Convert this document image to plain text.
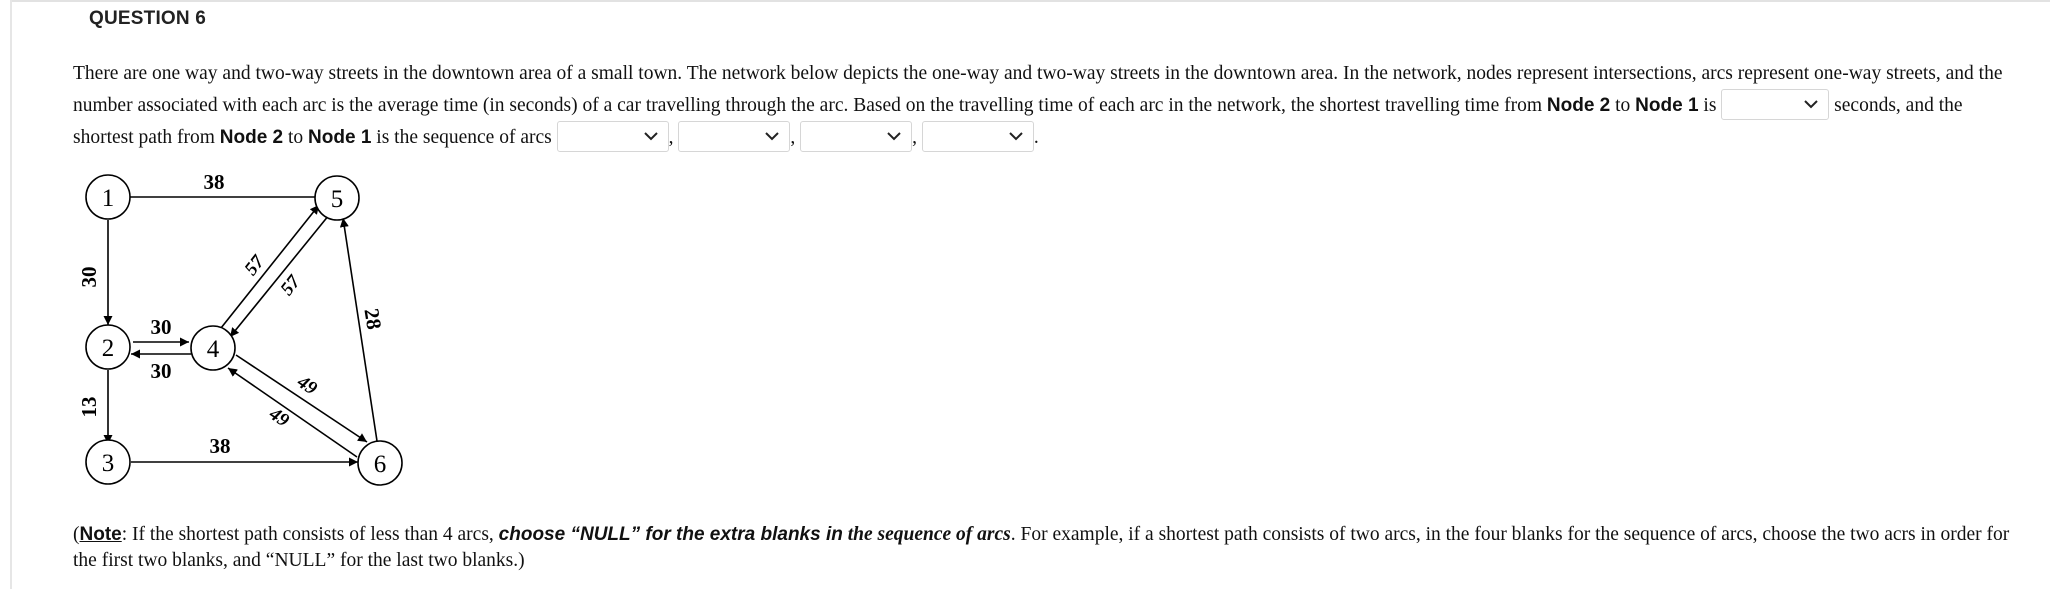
QUESTION 6

There are one way and two-way streets in the downtown area of a small town. The network below depicts the one-way and two-way streets in the downtown area. In the network, nodes represent intersections, arcs represent one-way streets, and the number associated with each arc is the average time (in seconds) of a car travelling through the arc. Based on the travelling time of each arc in the network, the shortest travelling time from Node 2 to Node 1 is	seconds, and the shortest path from Node 2 to Node 1 is the sequence of arcs	,	,	,	.

1
2
3
4
5
6
38
30
13
30
30
57
57
49
49
38
28

(Note: If the shortest path consists of less than 4 arcs, choose “NULL” for the extra blanks in the sequence of arcs. For example, if a shortest path consists of two arcs, in the four blanks for the sequence of arcs, choose the two acrs in order for the first two blanks, and “NULL” for the last two blanks.)
